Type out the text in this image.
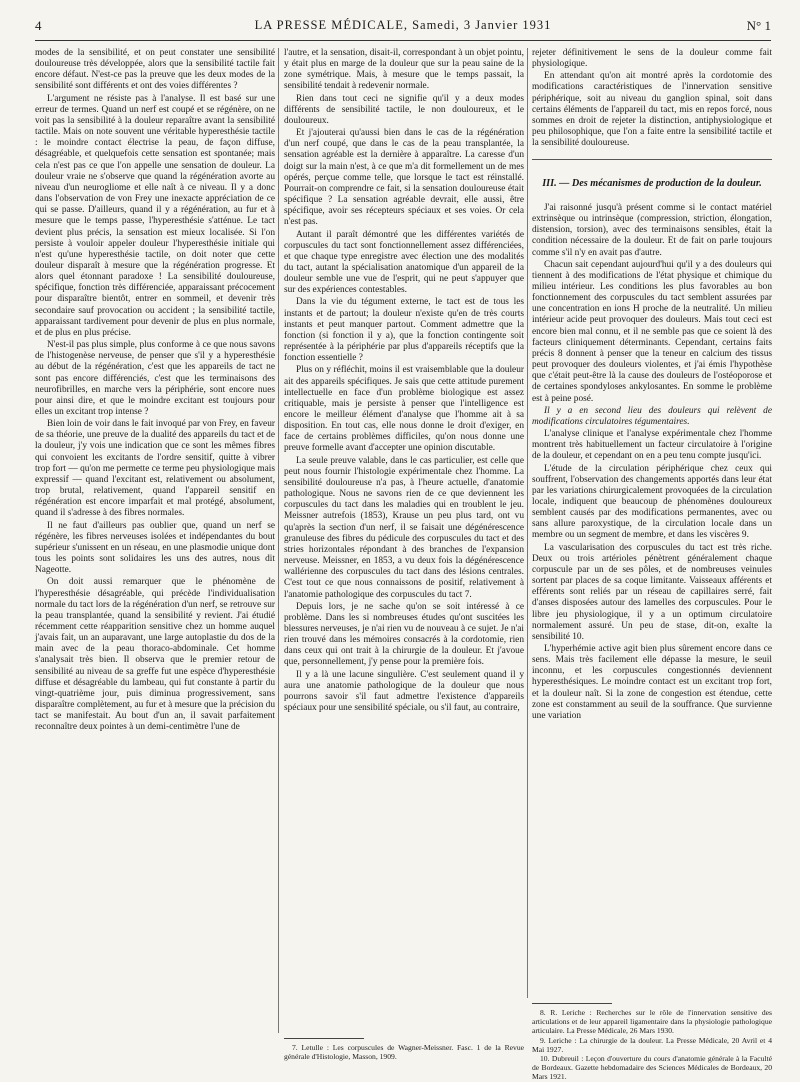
4	LA PRESSE MÉDICALE, Samedi, 3 Janvier 1931	N° 1

modes de la sensibilité, et on peut constater une sensibilité douloureuse très développée, alors que la sensibilité tactile fait encore défaut. N'est-ce pas la preuve que les deux modes de la sensibilité sont différents et ont des voies différentes ?

L'argument ne résiste pas à l'analyse. Il est basé sur une erreur de termes. Quand un nerf est coupé et se régénère, on ne voit pas la sensibilité à la douleur reparaître avant la sensibilité tactile. Mais on note souvent une véritable hyperesthésie tactile : le moindre contact électrise la peau, de façon diffuse, désagréable, et quelquefois cette sensation est spontanée; mais cela n'est pas ce que l'on appelle une sensation de douleur. La douleur vraie ne s'observe que quand la régénération avorte au niveau d'un neurogliome et elle naît à ce niveau. Il y a donc dans l'observation de von Frey une inexacte appréciation de ce qui se passe. D'ailleurs, quand il y a régénération, au fur et à mesure que le temps passe, l'hyperesthésie s'atténue. Le tact devient plus précis, la sensation est mieux localisée. Si l'on persiste à vouloir appeler douleur l'hyperesthésie initiale qui n'est qu'une hyperesthésie tactile, on doit noter que cette douleur disparaît à mesure que la régénération progresse. Et alors quel étonnant paradoxe ! La sensibilité douloureuse, spécifique, fonction très différenciée, apparaissant précocement pour disparaître bientôt, entrer en sommeil, et devenir très secondaire sauf provocation ou accident ; la sensibilité tactile, apparaissant tardivement pour devenir de plus en plus normale, et de plus en plus précise.

N'est-il pas plus simple, plus conforme à ce que nous savons de l'histogenèse nerveuse, de penser que s'il y a hyperesthésie au début de la régénération, c'est que les appareils de tact ne sont pas encore différenciés, c'est que les terminaisons des neurofibrilles, en marche vers la périphérie, sont encore nues pour ainsi dire, et que le moindre excitant est toujours pour elles un excitant trop intense ?

Bien loin de voir dans le fait invoqué par von Frey, en faveur de sa théorie, une preuve de la dualité des appareils du tact et de la douleur, j'y vois une indication que ce sont les mêmes fibres qui convoient les excitants de l'ordre sensitif, quitte à vibrer trop fort — qu'on me permette ce terme peu physiologique mais expressif — quand l'excitant est, relativement ou absolument, trop brutal, relativement, quand l'appareil sensitif en régénération est encore imparfait et mal protégé, absolument, quand il s'adresse à des fibres normales.

Il ne faut d'ailleurs pas oublier que, quand un nerf se régénère, les fibres nerveuses isolées et indépendantes du bout supérieur s'unissent en un réseau, en une plasmodie unique dont tous les points sont solidaires les uns des autres, nous dit Nageotte.

On doit aussi remarquer que le phénomène de l'hyperesthésie désagréable, qui précède l'individualisation normale du tact lors de la régénération d'un nerf, se retrouve sur la peau transplantée, quand la sensibilité y revient. J'ai étudié récemment cette réapparition sensitive chez un homme auquel j'avais fait, un an auparavant, une large autoplastie du dos de la main avec de la peau thoraco-abdominale. Cet homme s'analysait très bien. Il observa que le premier retour de sensibilité au niveau de sa greffe fut une espèce d'hyperesthésie diffuse et désagréable du lambeau, qui fut constante à partir du vingt-quatrième jour, puis diminua progressivement, sans disparaître complètement, au fur et à mesure que la précision du tact se manifestait. Au bout d'un an, il savait parfaitement reconnaître deux pointes à un demi-centimètre l'une de

l'autre, et la sensation, disait-il, correspondant à un objet pointu, y était plus en marge de la douleur que sur la peau saine de la zone symétrique. Mais, à mesure que le temps passait, la sensibilité tendait à redevenir normale.

Rien dans tout ceci ne signifie qu'il y a deux modes différents de sensibilité tactile, le non douloureux, et le douloureux.

Et j'ajouterai qu'aussi bien dans le cas de la régénération d'un nerf coupé, que dans le cas de la peau transplantée, la sensation agréable est la dernière à apparaître. La caresse d'un doigt sur la main n'est, à ce que m'a dit formellement un de mes opérés, perçue comme telle, que lorsque le tact est réinstallé. Pourrait-on comprendre ce fait, si la sensation douloureuse était spécifique ? La sensation agréable devrait, elle aussi, être spécifique, avoir ses récepteurs spéciaux et ses voies. Or cela n'est pas.

Autant il paraît démontré que les différentes variétés de corpuscules du tact sont fonctionnellement assez différenciées, et que chaque type enregistre avec élection une des modalités du tact, autant la spécialisation anatomique d'un appareil de la douleur semble une vue de l'esprit, qui ne peut s'appuyer que sur des expériences contestables.

Dans la vie du tégument externe, le tact est de tous les instants et de partout; la douleur n'existe qu'en de très courts instants et peut manquer partout. Comment admettre que la fonction (si fonction il y a), que la fonction contingente soit représentée à la périphérie par plus d'appareils réceptifs que la fonction essentielle ?

Plus on y réfléchit, moins il est vraisemblable que la douleur ait des appareils spécifiques. Je sais que cette attitude purement intellectuelle en face d'un problème biologique est assez critiquable, mais je persiste à penser que l'intelligence est encore le meilleur élément d'analyse que l'homme ait à sa disposition. En tout cas, elle nous donne le droit d'exiger, en face de certains problèmes difficiles, qu'on nous donne une preuve formelle avant d'accepter une opinion discutable.

La seule preuve valable, dans le cas particulier, est celle que peut nous fournir l'histologie expérimentale chez l'homme. La sensibilité douloureuse n'a pas, à l'heure actuelle, d'anatomie pathologique. Nous ne savons rien de ce que deviennent les corpuscules du tact dans les maladies qui en troublent le jeu. Meissner autrefois (1853), Krause un peu plus tard, ont vu qu'après la section d'un nerf, il se faisait une dégénérescence granuleuse des fibres du pédicule des corpuscules du tact et des stries horizontales répondant à des branches de l'expansion nerveuse. Meissner, en 1853, a vu deux fois la dégénérescence wallérienne des corpuscules du tact dans des lésions centrales. C'est tout ce que nous connaissons de positif, relativement à l'anatomie pathologique des corpuscules du tact 7.

Depuis lors, je ne sache qu'on se soit intéressé à ce problème. Dans les si nombreuses études qu'ont suscitées les blessures nerveuses, je n'ai rien vu de nouveau à ce sujet. Je n'ai rien trouvé dans les mémoires consacrés à la cordotomie, rien dans ceux qui ont trait à la chirurgie de la douleur. Et j'avoue que, personnellement, j'y pense pour la première fois.

Il y a là une lacune singulière. C'est seulement quand il y aura une anatomie pathologique de la douleur que nous pourrons savoir s'il faut admettre l'existence d'appareils spéciaux pour une sensibilité spéciale, ou s'il faut, au contraire,

rejeter définitivement le sens de la douleur comme fait physiologique.

En attendant qu'on ait montré après la cordotomie des modifications caractéristiques de l'innervation sensitive périphérique, soit au niveau du ganglion spinal, soit dans certains éléments de l'appareil du tact, mis en repos forcé, nous sommes en droit de rejeter la distinction, antiphysiologique et peu philosophique, que l'on a faite entre la sensibilité tactile et la sensibilité douloureuse.

III. — Des mécanismes de production de la douleur.

J'ai raisonné jusqu'à présent comme si le contact matériel extrinsèque ou intrinsèque (compression, striction, élongation, distension, torsion), avec des terminaisons sensibles, était la condition nécessaire de la douleur. Et de fait on parle toujours comme s'il n'y en avait pas d'autre.

Chacun sait cependant aujourd'hui qu'il y a des douleurs qui tiennent à des modifications de l'état physique et chimique du milieu intérieur. Les conditions les plus favorables au bon fonctionnement des corpuscules du tact semblent assurées par une concentration en ions H proche de la neutralité. Un milieu intérieur acide peut provoquer des douleurs. Mais tout ceci est encore bien mal connu, et il ne semble pas que ce soient là des facteurs cliniquement déterminants. Cependant, certains faits précis 8 donnent à penser que la teneur en calcium des tissus peut provoquer des douleurs violentes, et j'ai émis l'hypothèse que c'était peut-être là la cause des douleurs de l'ostéoporose et de certaines spondyloses ankylosantes. En somme le problème est à peine posé.

Il y a en second lieu des douleurs qui relèvent de modifications circulatoires tégumentaires.

L'analyse clinique et l'analyse expérimentale chez l'homme montrent très habituellement un facteur circulatoire à l'origine de la douleur, et cependant on en a peu tenu compte jusqu'ici.

L'étude de la circulation périphérique chez ceux qui souffrent, l'observation des changements apportés dans leur état par les variations chirurgicalement provoquées de la circulation locale, indiquent que beaucoup de phénomènes douloureux semblent causés par des modifications permanentes, avec ou sans allure paroxystique, de la circulation locale dans un membre ou un segment de membre, et dans les viscères 9.

La vascularisation des corpuscules du tact est très riche. Deux ou trois artérioles pénètrent généralement chaque corpuscule par un de ses pôles, et de nombreuses veinules sortent par places de sa coque limitante. Vaisseaux afférents et efférents sont reliés par un réseau de capillaires serré, fait d'anses disposées autour des lamelles des corpuscules. Pour le libre jeu physiologique, il y a un optimum circulatoire normalement assuré. Un peu de stase, dit-on, exalte la sensibilité 10.

L'hyperhémie active agit bien plus sûrement encore dans ce sens. Mais très facilement elle dépasse la mesure, le seuil inconnu, et les corpuscules congestionnés deviennent hyperesthésiques. Le moindre contact est un excitant trop fort, et la douleur naît. Si la zone de congestion est étendue, cette zone est constamment au seuil de la souffrance. Que survienne une variation

7. Letulle : Les corpuscules de Wagner-Meissner. Fasc. 1 de la Revue générale d'Histologie, Masson, 1909.

8. R. Leriche : Recherches sur le rôle de l'innervation sensitive des articulations et de leur appareil ligamentaire dans la physiologie pathologique articulaire. La Presse Médicale, 26 Mars 1930.

9. Leriche : La chirurgie de la douleur. La Presse Médicale, 20 Avril et 4 Mai 1927.

10. Dubreuil : Leçon d'ouverture du cours d'anatomie générale à la Faculté de Bordeaux. Gazette hebdomadaire des Sciences Médicales de Bordeaux, 20 Mars 1921.
